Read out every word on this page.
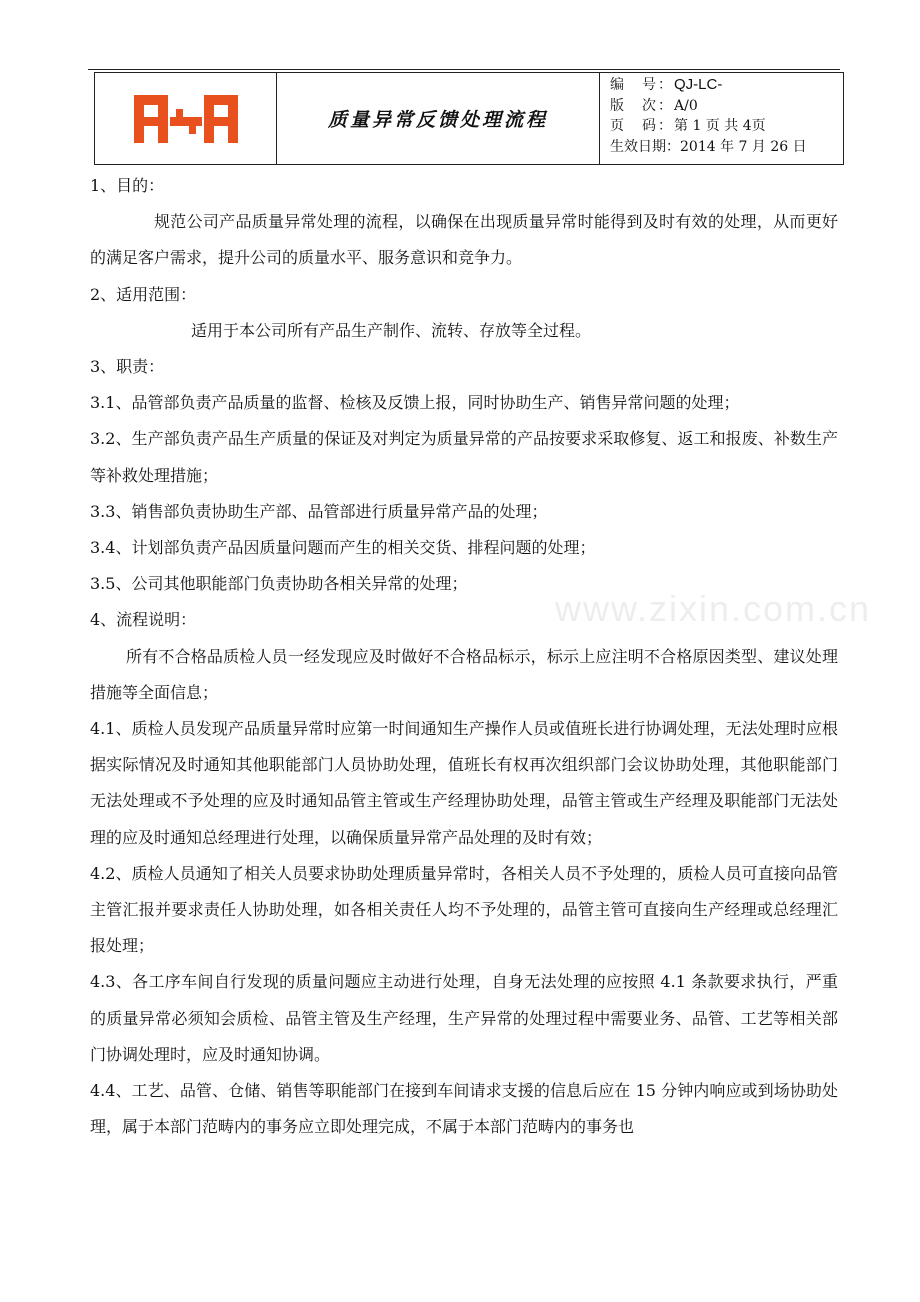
质量异常反馈处理流程
编　号： QJ-LC-
版　次： A/0
页　码： 第 1 页 共 4页
生效日期： 2014 年 7 月 26 日
www.zixin.com.cn

1、目的：

规范公司产品质量异常处理的流程，以确保在出现质量异常时能得到及时有效的处理，从而更好的满足客户需求，提升公司的质量水平、服务意识和竞争力。

2、适用范围：

适用于本公司所有产品生产制作、流转、存放等全过程。

3、职责：

3.1、品管部负责产品质量的监督、检核及反馈上报，同时协助生产、销售异常问题的处理；

3.2、生产部负责产品生产质量的保证及对判定为质量异常的产品按要求采取修复、返工和报废、补数生产等补救处理措施；

3.3、销售部负责协助生产部、品管部进行质量异常产品的处理；

3.4、计划部负责产品因质量问题而产生的相关交货、排程问题的处理；

3.5、公司其他职能部门负责协助各相关异常的处理；

4、流程说明：

所有不合格品质检人员一经发现应及时做好不合格品标示，标示上应注明不合格原因类型、建议处理措施等全面信息；

4.1、质检人员发现产品质量异常时应第一时间通知生产操作人员或值班长进行协调处理，无法处理时应根据实际情况及时通知其他职能部门人员协助处理，值班长有权再次组织部门会议协助处理，其他职能部门无法处理或不予处理的应及时通知品管主管或生产经理协助处理，品管主管或生产经理及职能部门无法处理的应及时通知总经理进行处理，以确保质量异常产品处理的及时有效；

4.2、质检人员通知了相关人员要求协助处理质量异常时，各相关人员不予处理的，质检人员可直接向品管主管汇报并要求责任人协助处理，如各相关责任人均不予处理的，品管主管可直接向生产经理或总经理汇报处理；

4.3、各工序车间自行发现的质量问题应主动进行处理，自身无法处理的应按照 4.1 条款要求执行，严重的质量异常必须知会质检、品管主管及生产经理，生产异常的处理过程中需要业务、品管、工艺等相关部门协调处理时，应及时通知协调。

4.4、工艺、品管、仓储、销售等职能部门在接到车间请求支援的信息后应在 15 分钟内响应或到场协助处理，属于本部门范畴内的事务应立即处理完成，不属于本部门范畴内的事务也
